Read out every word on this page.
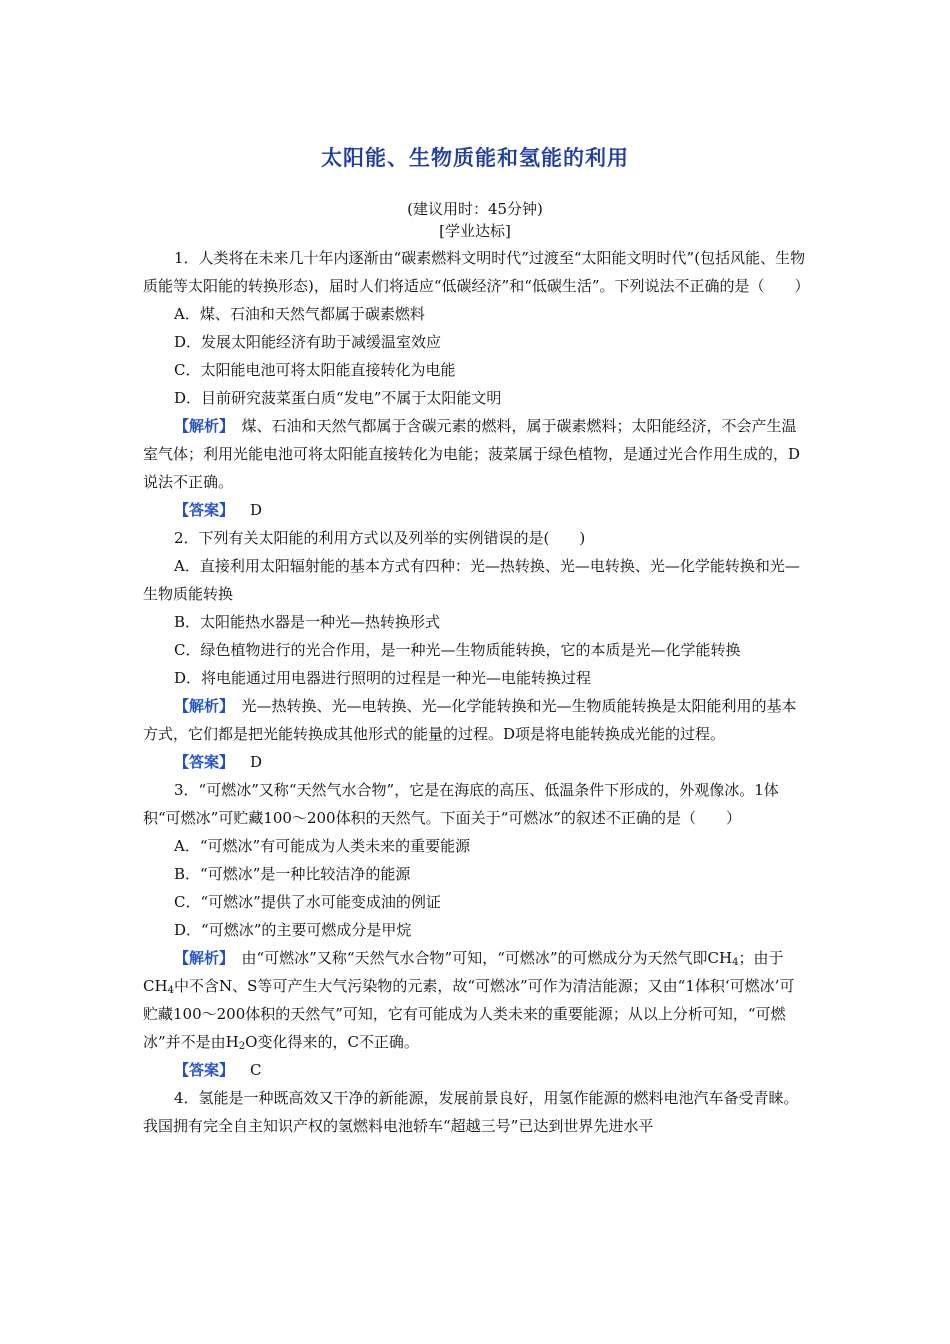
太阳能、生物质能和氢能的利用
(建议用时：45分钟)
[学业达标]

1．人类将在未来几十年内逐渐由“碳素燃料文明时代”过渡至“太阳能文明时代”(包括风能、生物质能等太阳能的转换形态)，届时人们将适应“低碳经济”和“低碳生活”。下列说法不正确的是（　　）

A．煤、石油和天然气都属于碳素燃料

D．发展太阳能经济有助于减缓温室效应

C．太阳能电池可将太阳能直接转化为电能

D．目前研究菠菜蛋白质“发电”不属于太阳能文明

【解析】　煤、石油和天然气都属于含碳元素的燃料，属于碳素燃料；太阳能经济，不会产生温室气体；利用光能电池可将太阳能直接转化为电能；菠菜属于绿色植物，是通过光合作用生成的，D说法不正确。

【答案】 D

2．下列有关太阳能的利用方式以及列举的实例错误的是(　　)

A．直接利用太阳辐射能的基本方式有四种：光—热转换、光—电转换、光—化学能转换和光—生物质能转换

B．太阳能热水器是一种光—热转换形式

C．绿色植物进行的光合作用，是一种光—生物质能转换，它的本质是光—化学能转换

D．将电能通过用电器进行照明的过程是一种光—电能转换过程

【解析】　光—热转换、光—电转换、光—化学能转换和光—生物质能转换是太阳能利用的基本方式，它们都是把光能转换成其他形式的能量的过程。D项是将电能转换成光能的过程。

【答案】 D

3．“可燃冰”又称“天然气水合物”，它是在海底的高压、低温条件下形成的，外观像冰。1体积“可燃冰”可贮藏100～200体积的天然气。下面关于“可燃冰”的叙述不正确的是（　　）

A．“可燃冰”有可能成为人类未来的重要能源

B．“可燃冰”是一种比较洁净的能源

C．“可燃冰”提供了水可能变成油的例证

D．“可燃冰”的主要可燃成分是甲烷

【解析】　由“可燃冰”又称“天然气水合物”可知，“可燃冰”的可燃成分为天然气即$CH_4$；由于$CH_4$中不含N、S等可产生大气污染物的元素，故“可燃冰”可作为清洁能源；又由“1体积‘可燃冰’可贮藏100～200体积的天然气”可知，它有可能成为人类未来的重要能源；从以上分析可知，“可燃冰”并不是由$H_2O$变化得来的，C不正确。

【答案】 C

4．氢能是一种既高效又干净的新能源，发展前景良好，用氢作能源的燃料电池汽车备受青睐。我国拥有完全自主知识产权的氢燃料电池轿车“超越三号”已达到世界先进水平
